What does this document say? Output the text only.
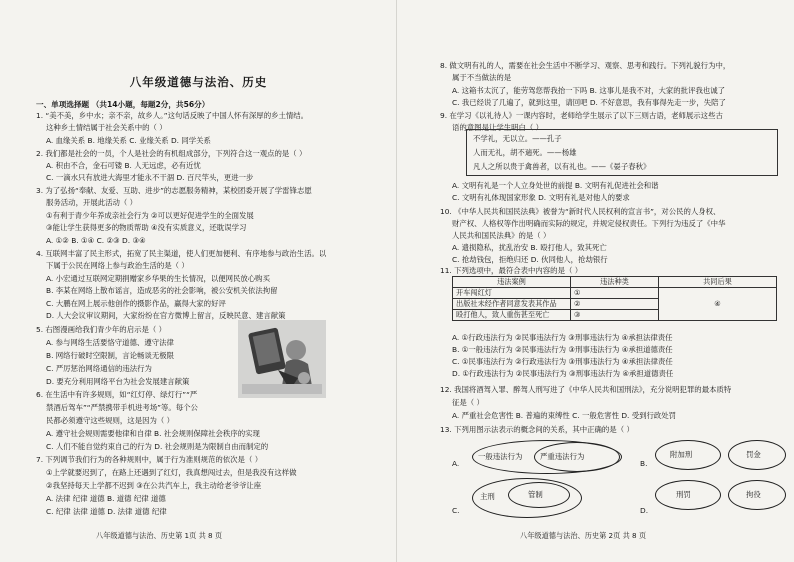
八年级道德与法治、历史
一、单项选择题 （共14小题，每题2分，共56分）
1. “美不美，乡中水；亲不亲，故乡人。”这句话反映了中国人怀有深厚的乡土情结。
这种乡土情结属于社会关系中的（ ）
A. 血缘关系 B. 地缘关系 C. 业缘关系 D. 同学关系
2. 我们都是社会的一员，个人是社会的有机组成部分，下列符合这一观点的是（ ）
A. 积由不合，金石可镂 B. 人无远虑，必有近忧
C. 一滴水只有放进大海里才能永不干涸 D. 百尺竿头，更进一步
3. 为了弘扬“奉献、友爱、互助、进步”的志愿服务精神，某校团委开展了学雷锋志愿
服务活动，开展此活动（ ）
①有利于青少年养成亲社会行为 ②可以更好促进学生的全面发展
③能让学生获得更多的物质帮助 ④没有实质意义，还耽误学习
A. ①② B. ①④ C. ②③ D. ③④
4. 互联网丰富了民主形式，拓宽了民主渠道，使人们更加便利、有序地参与政治生活。以
下属于公民在网络上参与政治生活的是（ ）
A. 小宏通过互联网定期捐赠家乡华果的生长情况，以便网民放心购买
B. 李某在网络上散布谣言，造成恶劣的社会影响，被公安机关依法拘留
C. 大鹏在网上展示他创作的摄影作品，赢得大家的好评
D. 人大会议审议期间，大家纷纷在官方微博上留言，反映民意、建言献策
5. 右图漫画给我们青少年的启示是（ ）
A. 参与网络生活要恪守道德、遵守法律
B. 网络行破时空限制，言论畅谈无极限
C. 严厉惩治网络通信的违法行为
D. 要充分利用网络平台为社会发展建言献策
6. 在生活中有许多规则，如“红灯停、绿灯行”“严
禁酒后驾车”“严禁携带手机进考场”等。每个公
民都必须遵守这些规则，这是因为（ ）
A. 遵守社会规则需要他律和自律 B. 社会规则保障社会秩序的实现
C. 人们不能自觉约束自己的行为 D. 社会规则是为限制自由而制定的
7. 下列调节我们行为的各种规则中，属于行为准则规范的依次是（ ）
①上学就要迟到了，在路上还遇到了红灯，我真想闯过去，但是我没有这样做
②我坚持每天上学都不迟到 ③在公共汽车上，我主动给老爷爷让座
A. 法律 纪律 道德 B. 道德 纪律 道德
C. 纪律 法律 道德 D. 法律 道德 纪律
八年级道德与法治、历史第 1页 共 8 页
8. 做文明有礼的人，需要在社会生活中不断学习、观察、思考和践行。下列礼貌行为中，
属于不当做法的是
A. 这箱书太沉了，能劳驾您帮我抬一下吗 B. 这事儿是我不对，大家的批评我也诚了
C. 我已经说了几遍了，就到这里，请回吧 D. 不好意思，我有事得先走一步，失陪了
9. 在学习《以礼待人》一课内容时，老师给学生展示了以下三则古语，老师展示这些古
语的意图是让学生明白（ ）
不学礼，无以立。——孔子
人而无礼，胡不遄死。——杨雄
凡人之所以贵于禽兽者，以有礼也。——《晏子春秋》
A. 文明有礼是一个人立身处世的前提 B. 文明有礼促进社会和谐
C. 文明有礼体现国家形象 D. 文明有礼是对他人的要求
10. 《中华人民共和国民法典》被誉为“新时代人民权利的宣言书”，对公民的人身权、
财产权、人格权等作出明确而实际的规定，并规定侵权责任。下列行为违反了《中华
人民共和国民法典》的是（ ）
A. 遗损隐私，扰乱治安 B. 殴打他人，致其死亡
C. 抢劫钱包，拒绝归还 D. 伙同他人，抢劫银行
11. 下列选项中，最符合表中内容的是（ ）
违法案例	违法种类	共同后果
开车闯红灯	①	④
出版社未经作者同意发表其作品	②	
殴打他人，致人重伤甚至死亡	③	
A. ①行政违法行为 ②民事违法行为 ③刑事违法行为 ④承担法律责任
B. ①一般违法行为 ②民事违法行为 ③刑事违法行为 ④承担道德责任
C. ①民事违法行为 ②行政违法行为 ③刑事违法行为 ④承担法律责任
D. ①行政违法行为 ②民事违法行为 ③刑事违法行为 ④承担道德责任
12. 我国将酒驾入罪、醉驾人刑写进了《中华人民共和国刑法》，充分说明犯罪的最本质特
征是（ ）
A. 严重社会危害性 B. 普遍的束缚性 C. 一般危害性 D. 受到行政处罚
13. 下列用图示法表示的概念间的关系，其中正确的是（ ）
A.
一般违法行为 严重违法行为
B.
附加刑	罚金
C.
主刑	管制
D.
刑罚	拘役
八年级道德与法治、历史第 2页 共 8 页
